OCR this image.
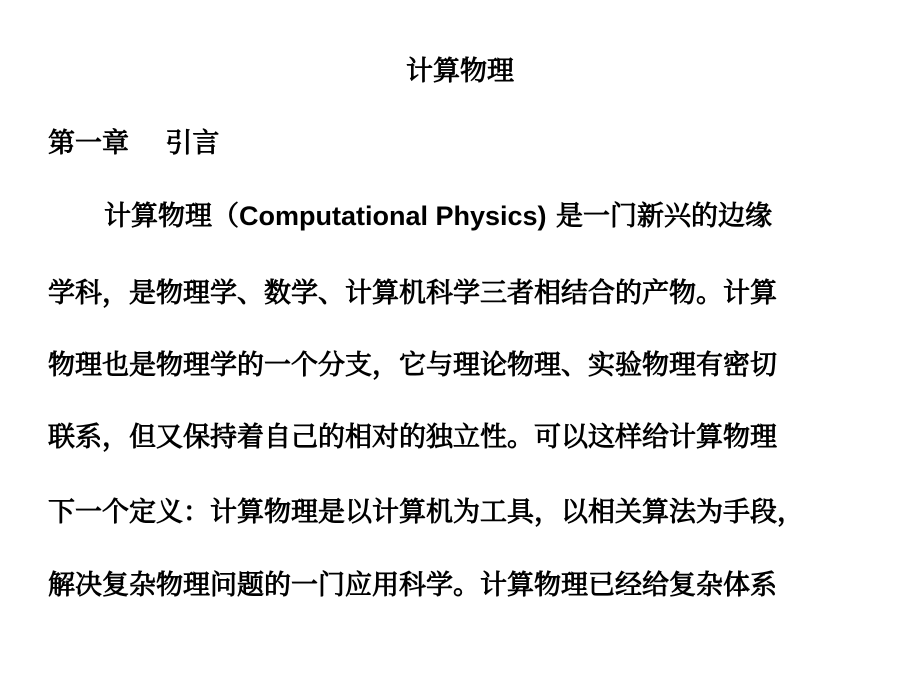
计算物理
第一章　 引言

计算物理（Computational Physics) 是一门新兴的边缘

学科，是物理学、数学、计算机科学三者相结合的产物。计算

物理也是物理学的一个分支，它与理论物理、实验物理有密切

联系，但又保持着自己的相对的独立性。可以这样给计算物理

下一个定义：计算物理是以计算机为工具，以相关算法为手段，

解决复杂物理问题的一门应用科学。计算物理已经给复杂体系
